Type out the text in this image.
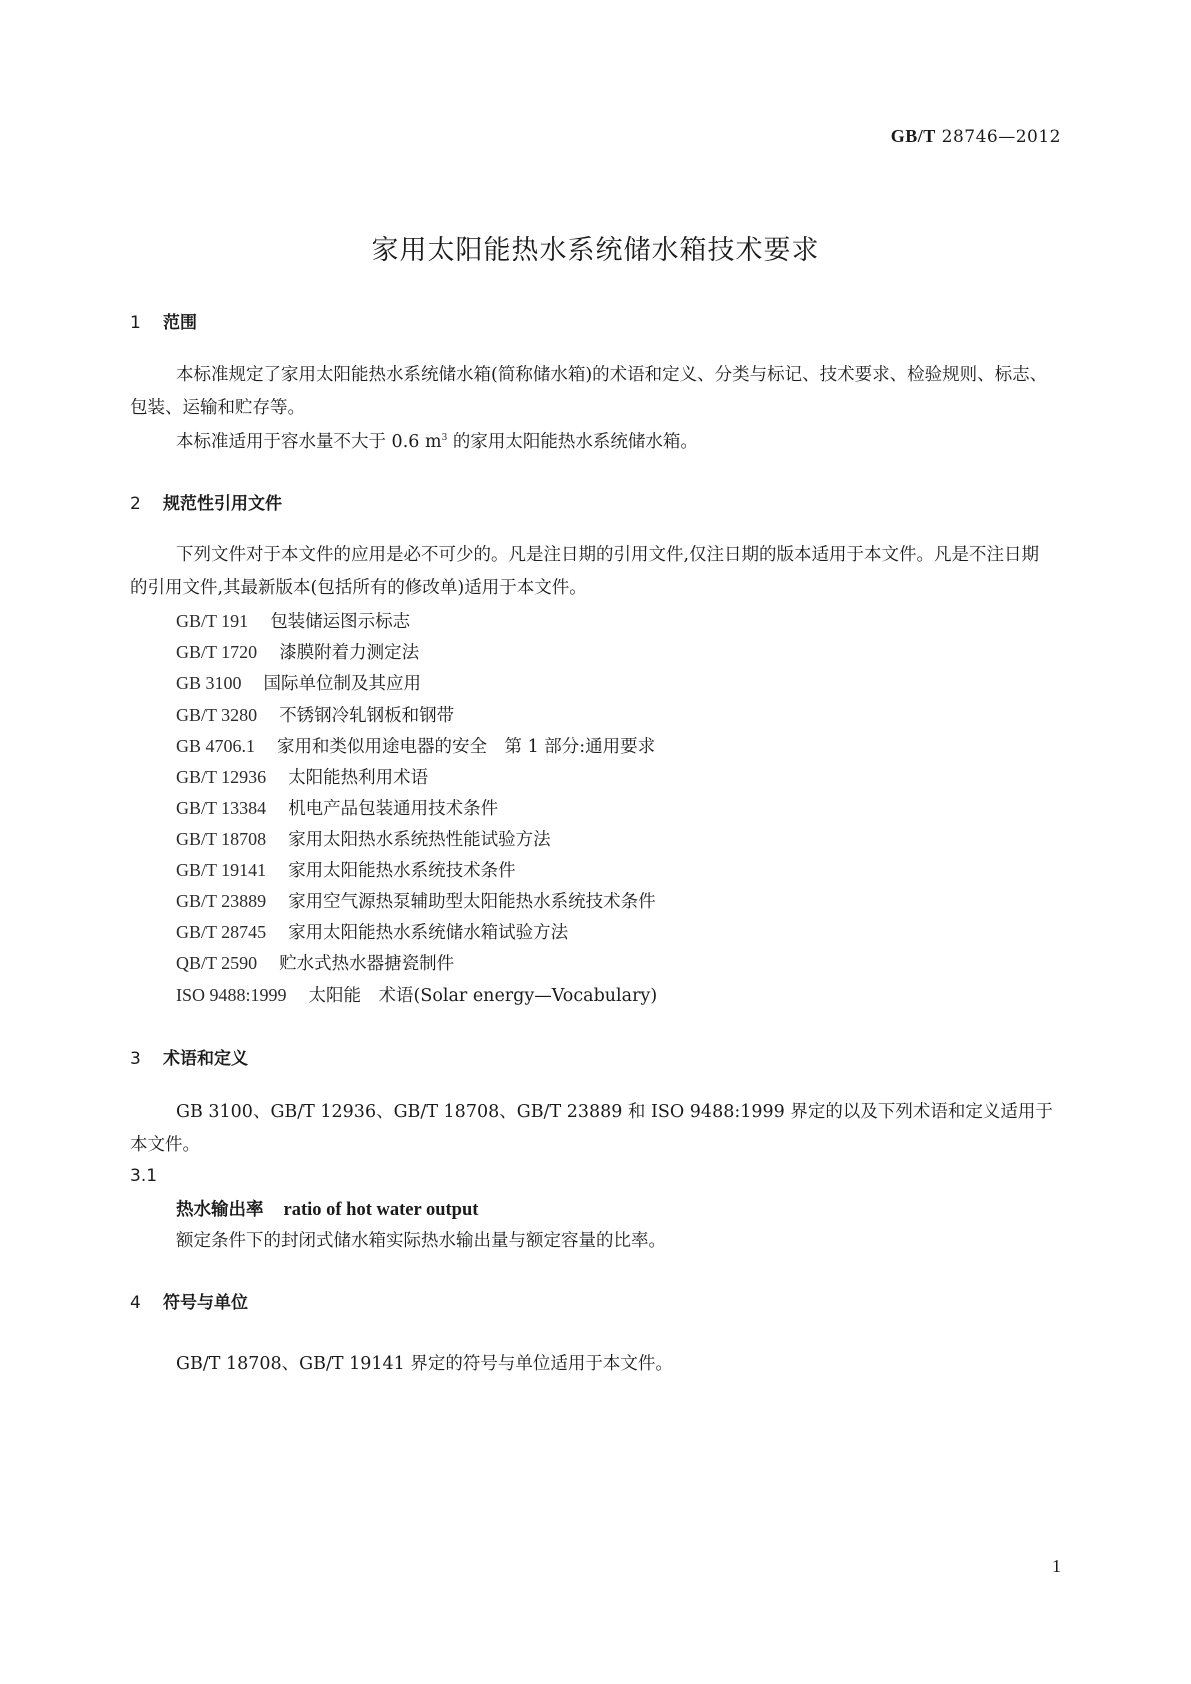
GB/T 28746—2012
家用太阳能热水系统储水箱技术要求
1 范围
本标准规定了家用太阳能热水系统储水箱(简称储水箱)的术语和定义、分类与标记、技术要求、检验规则、标志、包装、运输和贮存等。
本标准适用于容水量不大于 0.6 $m^3$ 的家用太阳能热水系统储水箱。
2 规范性引用文件
下列文件对于本文件的应用是必不可少的。凡是注日期的引用文件,仅注日期的版本适用于本文件。凡是不注日期的引用文件,其最新版本(包括所有的修改单)适用于本文件。
GB/T 191 包装储运图示标志
GB/T 1720 漆膜附着力测定法
GB 3100 国际单位制及其应用
GB/T 3280 不锈钢冷轧钢板和钢带
GB 4706.1 家用和类似用途电器的安全　第 1 部分:通用要求
GB/T 12936 太阳能热利用术语
GB/T 13384 机电产品包装通用技术条件
GB/T 18708 家用太阳热水系统热性能试验方法
GB/T 19141 家用太阳能热水系统技术条件
GB/T 23889 家用空气源热泵辅助型太阳能热水系统技术条件
GB/T 28745 家用太阳能热水系统储水箱试验方法
QB/T 2590 贮水式热水器搪瓷制件
ISO 9488:1999 太阳能　术语(Solar energy—Vocabulary)
3 术语和定义
GB 3100、GB/T 12936、GB/T 18708、GB/T 23889 和 ISO 9488:1999 界定的以及下列术语和定义适用于本文件。
3.1
热水输出率 ratio of hot water output
额定条件下的封闭式储水箱实际热水输出量与额定容量的比率。
4 符号与单位
GB/T 18708、GB/T 19141 界定的符号与单位适用于本文件。
1
